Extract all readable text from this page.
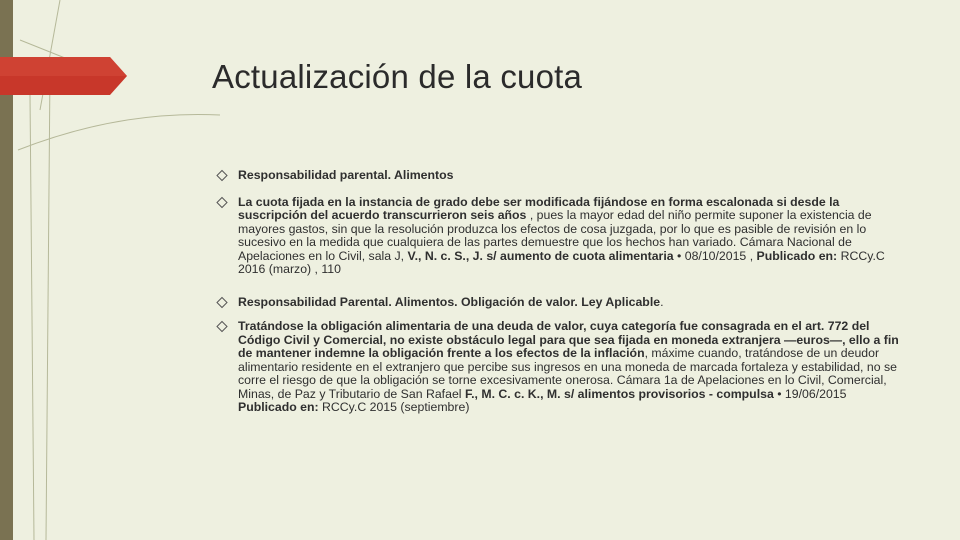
Actualización de la cuota
Responsabilidad parental. Alimentos
La cuota fijada en la instancia de grado debe ser modificada fijándose en forma escalonada si desde la suscripción del acuerdo transcurrieron seis años , pues la mayor edad del niño permite suponer la existencia de mayores gastos, sin que la resolución produzca los efectos de cosa juzgada, por lo que es pasible de revisión en lo sucesivo en la medida que cualquiera de las partes demuestre que los hechos han variado. Cámara Nacional de Apelaciones en lo Civil, sala J, V., N. c. S., J. s/ aumento de cuota alimentaria • 08/10/2015 , Publicado en: RCCy.C 2016 (marzo) , 110
Responsabilidad Parental. Alimentos. Obligación de valor. Ley Aplicable.
Tratándose la obligación alimentaria de una deuda de valor, cuya categoría fue consagrada en el art. 772 del Código Civil y Comercial, no existe obstáculo legal para que sea fijada en moneda extranjera —euros—, ello a fin de mantener indemne la obligación frente a los efectos de la inflación, máxime cuando, tratándose de un deudor alimentario residente en el extranjero que percibe sus ingresos en una moneda de marcada fortaleza y estabilidad, no se corre el riesgo de que la obligación se torne excesivamente onerosa. Cámara 1a de Apelaciones en lo Civil, Comercial, Minas, de Paz y Tributario de San Rafael F., M. C. c. K., M. s/ alimentos provisorios - compulsa • 19/06/2015 Publicado en: RCCy.C 2015 (septiembre)
